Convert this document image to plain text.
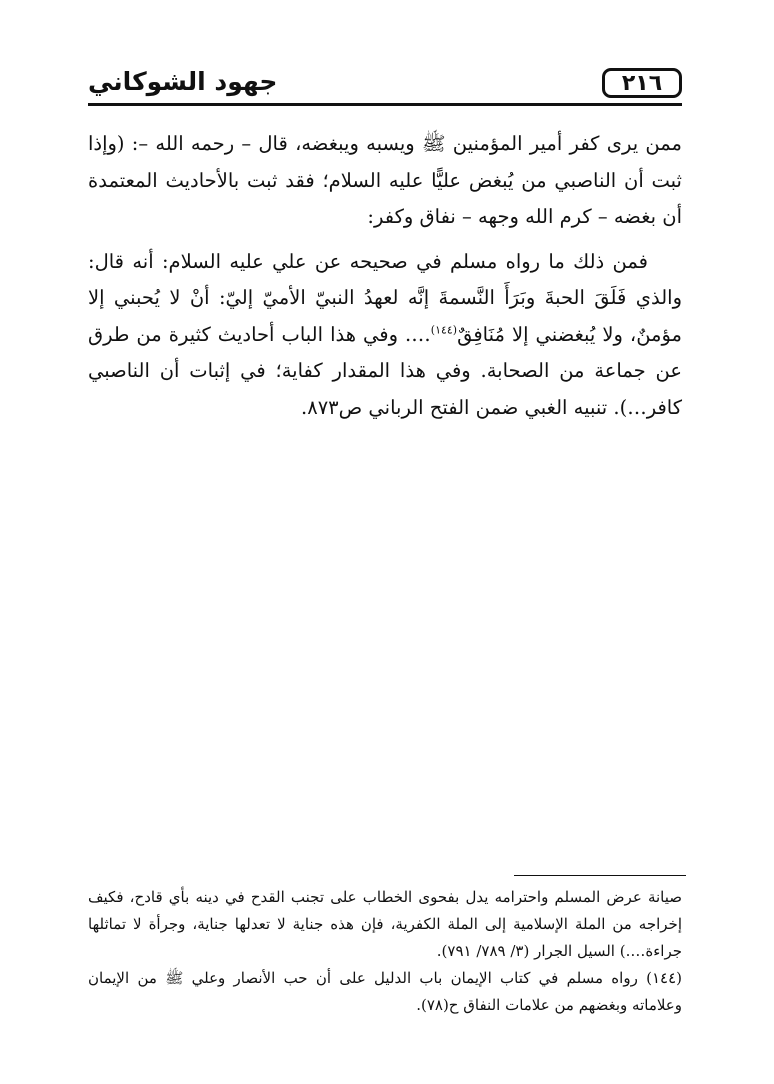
٢١٦
جهود الشوكاني

ممن يرى كفر أمير المؤمنين ﷺ ويسبه ويبغضه، قال – رحمه الله –: (وإذا ثبت أن الناصبي من يُبغض عليًّا عليه السلام؛ فقد ثبت بالأحاديث المعتمدة أن بغضه – كرم الله وجهه – نفاق وكفر:

فمن ذلك ما رواه مسلم في صحيحه عن علي عليه السلام: أنه قال: والذي فَلَقَ الحبةَ وبَرَأَ النَّسمةَ إنَّه لعهدُ النبيّ الأميّ إليّ: أنْ لا يُحبني إلا مؤمنٌ، ولا يُبغضني إلا مُنَافِقٌ$^{(١٤٤)}$…. وفي هذا الباب أحاديث كثيرة من طرق عن جماعة من الصحابة. وفي هذا المقدار كفاية؛ في إثبات أن الناصبي كافر…). تنبيه الغبي ضمن الفتح الرباني ص٨٧٣.

صيانة عرض المسلم واحترامه يدل بفحوى الخطاب على تجنب القدح في دينه بأي قادح، فكيف إخراجه من الملة الإسلامية إلى الملة الكفرية، فإن هذه جناية لا تعدلها جناية، وجرأة لا تماثلها جراءة….) السيل الجرار (٣/ ٧٨٩/ ٧٩١).

(١٤٤) رواه مسلم في كتاب الإيمان باب الدليل على أن حب الأنصار وعلي ﷺ من الإيمان وعلاماته وبغضهم من علامات النفاق ح(٧٨).
